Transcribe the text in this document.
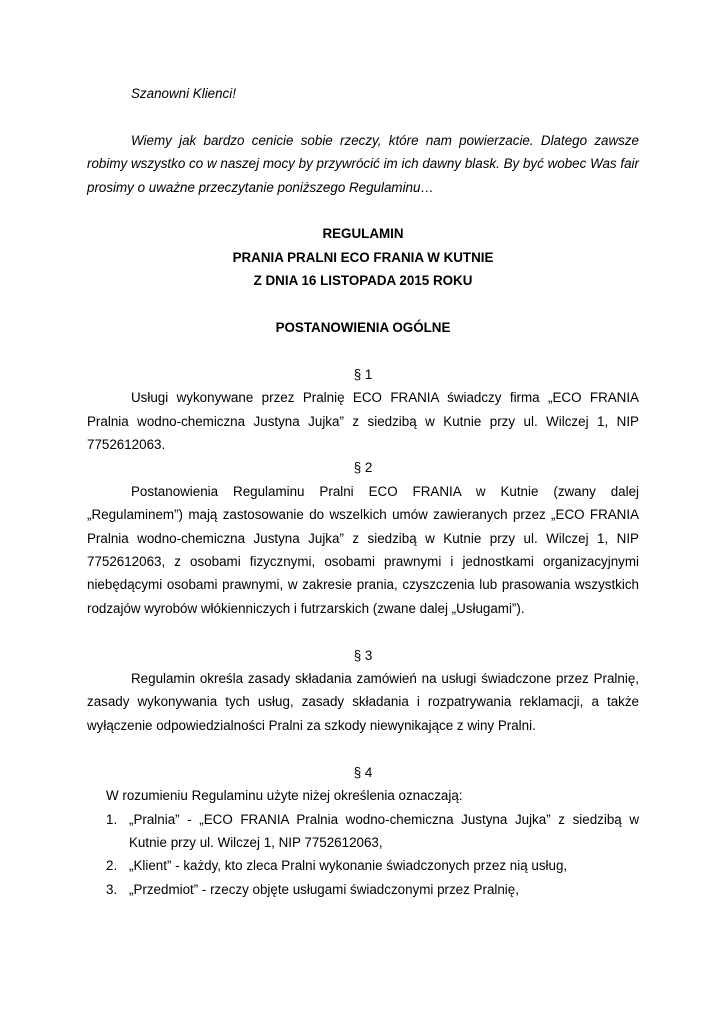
Szanowni Klienci!

Wiemy jak bardzo cenicie sobie rzeczy, które nam powierzacie. Dlatego zawsze robimy wszystko co w naszej mocy by przywrócić im ich dawny blask. By być wobec Was fair prosimy o uważne przeczytanie poniższego Regulaminu…

REGULAMIN

PRANIA PRALNI ECO FRANIA W KUTNIE

Z DNIA 16 LISTOPADA 2015 ROKU

POSTANOWIENIA OGÓLNE

§ 1

Usługi wykonywane przez Pralnię ECO FRANIA świadczy firma „ECO FRANIA Pralnia wodno-chemiczna Justyna Jujka” z siedzibą w Kutnie przy ul. Wilczej 1, NIP 7752612063.

§ 2

Postanowienia Regulaminu Pralni ECO FRANIA w Kutnie (zwany dalej „Regulaminem”) mają zastosowanie do wszelkich umów zawieranych przez „ECO FRANIA Pralnia wodno-chemiczna Justyna Jujka” z siedzibą w Kutnie przy ul. Wilczej 1, NIP 7752612063, z osobami fizycznymi, osobami prawnymi i jednostkami organizacyjnymi niebędącymi osobami prawnymi, w zakresie prania, czyszczenia lub prasowania wszystkich rodzajów wyrobów włókienniczych i futrzarskich (zwane dalej „Usługami”).

§ 3

Regulamin określa zasady składania zamówień na usługi świadczone przez Pralnię, zasady wykonywania tych usług, zasady składania i rozpatrywania reklamacji, a także wyłączenie odpowiedzialności Pralni za szkody niewynikające z winy Pralni.

§ 4

W rozumieniu Regulaminu użyte niżej określenia oznaczają:

1. „Pralnia” - „ECO FRANIA Pralnia wodno-chemiczna Justyna Jujka” z siedzibą w Kutnie przy ul. Wilczej 1, NIP 7752612063,
2. „Klient” - każdy, kto zleca Pralni wykonanie świadczonych przez nią usług,
3. „Przedmiot” - rzeczy objęte usługami świadczonymi przez Pralnię,
